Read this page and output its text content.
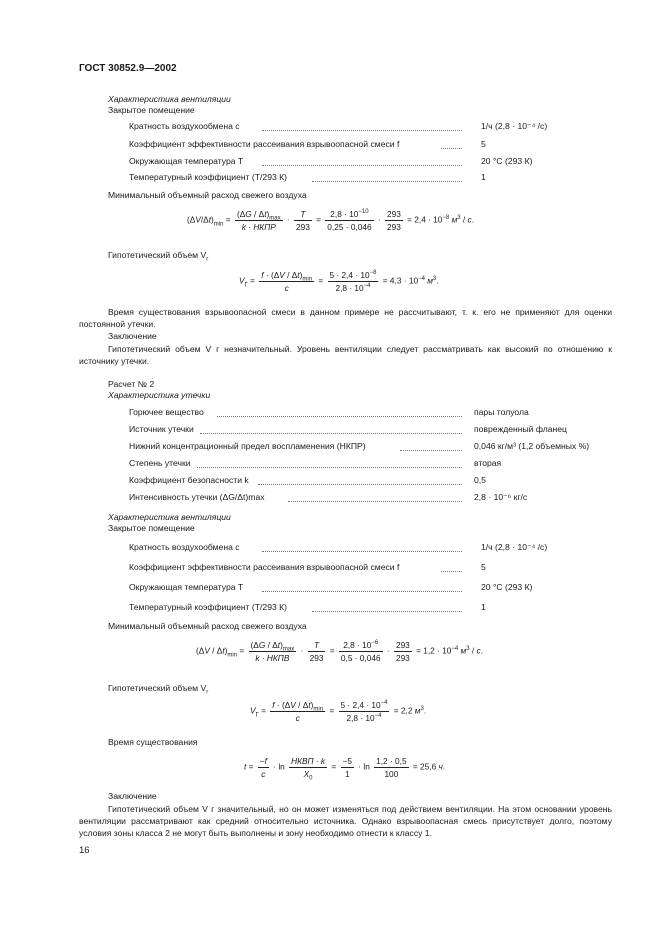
ГОСТ 30852.9—2002
Характеристика вентиляции
Закрытое помещение
Кратность воздухообмена с	1/ч (2,8 · 10⁻⁴ /с)
Коэффициент эффективности рассеивания взрывоопасной смеси f	5
Окружающая температура T	20 °С (293 К)
Температурный коэффициент (T/293 К)	1
Минимальный объемный расход свежего воздуха
$(\Delta V/\Delta t)_{min} = \frac{(\Delta G / \Delta t)_{max}}{\text{k · НКПР}} \cdot \frac{T}{293} = \frac{2,8 \cdot 10^{-10}}{0,25 \cdot 0,046} \cdot \frac{293}{293} = 2,4 \cdot 10^{-8}$ $м^3$ / с.
Гипотетический объем $V_г$
$V_Г = \frac{f \cdot (\Delta V / \Delta t)_{min}}{c} = \frac{5 \cdot 2,4 \cdot 10^{-8}}{2,8 \cdot 10^{-4}} = 4,3 \cdot 10^{-4}$ $м^3$.
Время существования взрывоопасной смеси в данном примере не рассчитывают, т. к. его не применяют для оценки постоянной утечки.
Заключение
Гипотетический объем V г незначительный. Уровень вентиляции следует рассматривать как высокий по отношению к источнику утечки.
Расчет № 2
Характеристика утечки
Горючее вещество	пары толуола
Источник утечки	поврежденный фланец
Нижний концентрационный предел воспламенения (НКПР)	0,046 кг/м³ (1,2 объемных %)
Степень утечки	вторая
Коэффициент безопасности k	0,5
Интенсивность утечки (ΔG/Δt)max	2,8 · 10⁻⁶ кг/с
Характеристика вентиляции
Закрытое помещение
Кратность воздухообмена с	1/ч (2,8 · 10⁻⁴ /с)
Коэффициент эффективности рассеивания взрывоопасной смеси f	5
Окружающая температура T	20 °С (293 К)
Температурный коэффициент (T/293 К)	1
Минимальный объемный расход свежего воздуха
$(\Delta V / \Delta t)_{min} = \frac{(\Delta G / \Delta t)_{max}}{\text{k · НКПВ}} \cdot \frac{T}{293} = \frac{2,8 \cdot 10^{-6}}{0,5 \cdot 0,046} \cdot \frac{293}{293} = 1,2 \cdot 10^{-4}$ $м^3$ / с.
Гипотетический объем $V_г$
$V_Г = \frac{f \cdot (\Delta V / \Delta t)_{min}}{c} = \frac{5 \cdot 2,4 \cdot 10^{-4}}{2,8 \cdot 10^{-4}} = 2,2$ $м^3$.
Время существования
$t = \frac{-f}{c} \cdot \ln \frac{\text{НКВП · k}}{X_0} = \frac{-5}{1} \cdot \ln \frac{1,2 \cdot 0,5}{100} = 25,6$ ч.
Заключение
Гипотетический объем V г значительный, но он может изменяться под действием вентиляции. На этом основании уровень вентиляции рассматривают как средний относительно источника. Однако взрывоопасная смесь присутствует долго, поэтому условия зоны класса 2 не могут быть выполнены и зону необходимо отнести к классу 1.
16
